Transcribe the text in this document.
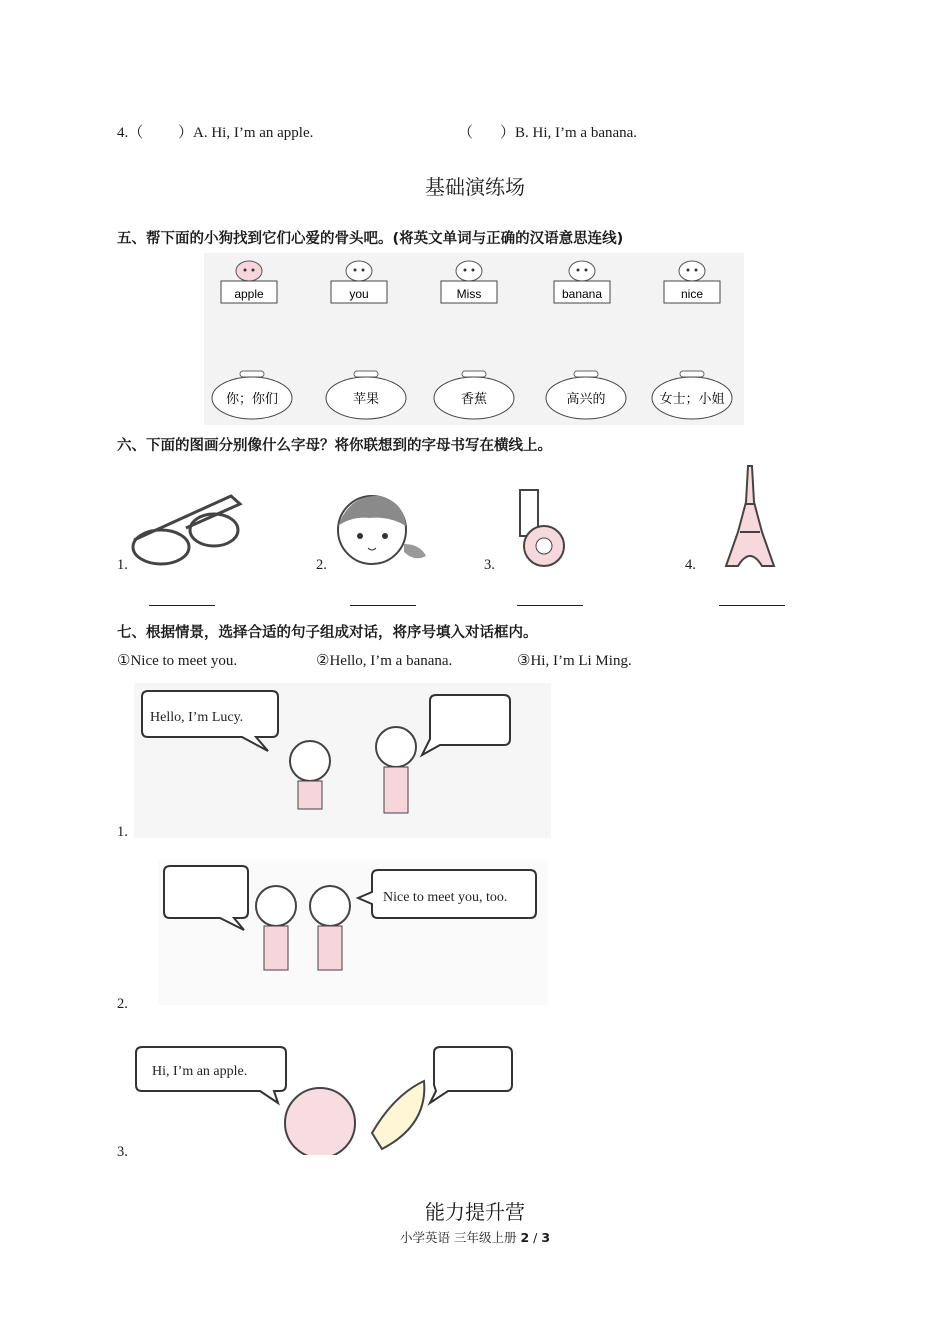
4.（ ）A. Hi, I’m an apple.	（ ）B. Hi, I’m a banana.
基础演练场
五、帮下面的小狗找到它们心爱的骨头吧。(将英文单词与正确的汉语意思连线)
apple	you	Miss	banana	nice
你；你们	苹果	香蕉	高兴的	女士；小姐
六、下面的图画分别像什么字母？将你联想到的字母书写在横线上。
1.	2.	3.	4.
七、根据情景，选择合适的句子组成对话，将序号填入对话框内。
①Nice to meet you.	②Hello, I’m a banana.	③Hi, I’m Li Ming.
1.
Hello, I’m Lucy.
2.
Nice to meet you, too.
3.
Hi, I’m an apple.
能力提升营
小学英语 三年级上册 2 / 3
